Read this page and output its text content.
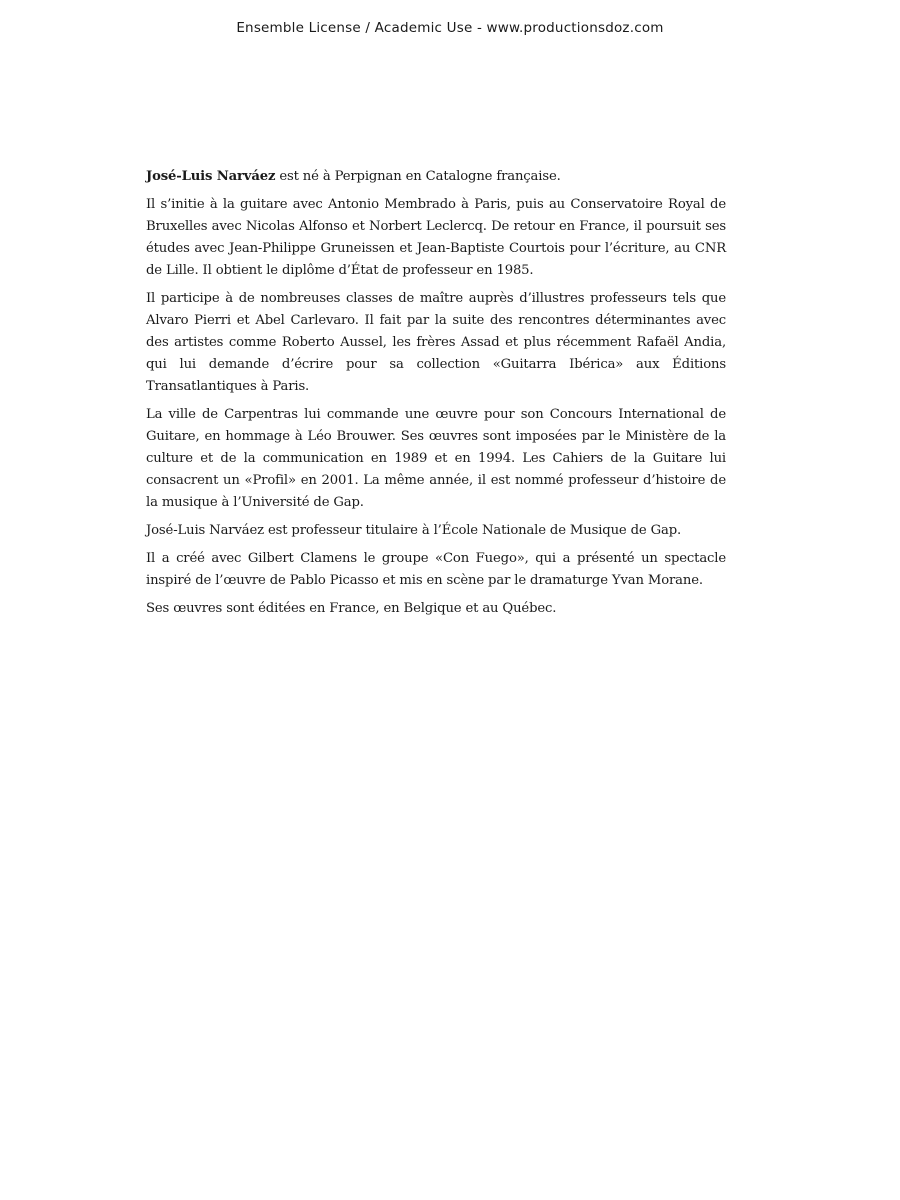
Ensemble License / Academic Use - www.productionsdoz.com

José-Luis Narváez est né à Perpignan en Catalogne française.

Il s’initie à la guitare avec Antonio Membrado à Paris, puis au Conservatoire Royal de Bruxelles avec Nicolas Alfonso et Norbert Leclercq. De retour en France, il poursuit ses études avec Jean-Philippe Gruneissen et Jean-Baptiste Courtois pour l’écriture, au CNR de Lille. Il obtient le diplôme d’État de professeur en 1985.

Il participe à de nombreuses classes de maître auprès d’illustres professeurs tels que Alvaro Pierri et Abel Carlevaro. Il fait par la suite des rencontres déterminantes avec des artistes comme Roberto Aussel, les frères Assad et plus récemment Rafaël Andia, qui lui demande d’écrire pour sa collection «Guitarra Ibérica» aux Éditions Transatlantiques à Paris.

La ville de Carpentras lui commande une œuvre pour son Concours International de Guitare, en hommage à Léo Brouwer. Ses œuvres sont imposées par le Ministère de la culture et de la communication en 1989 et en 1994. Les Cahiers de la Guitare lui consacrent un «Profil» en 2001. La même année, il est nommé professeur d’histoire de la musique à l’Université de Gap.

José-Luis Narváez est professeur titulaire à l’École Nationale de Musique de Gap.

Il a créé avec Gilbert Clamens le groupe «Con Fuego», qui a présenté un spectacle inspiré de l’œuvre de Pablo Picasso et mis en scène par le dramaturge Yvan Morane.

Ses œuvres sont éditées en France, en Belgique et au Québec.
